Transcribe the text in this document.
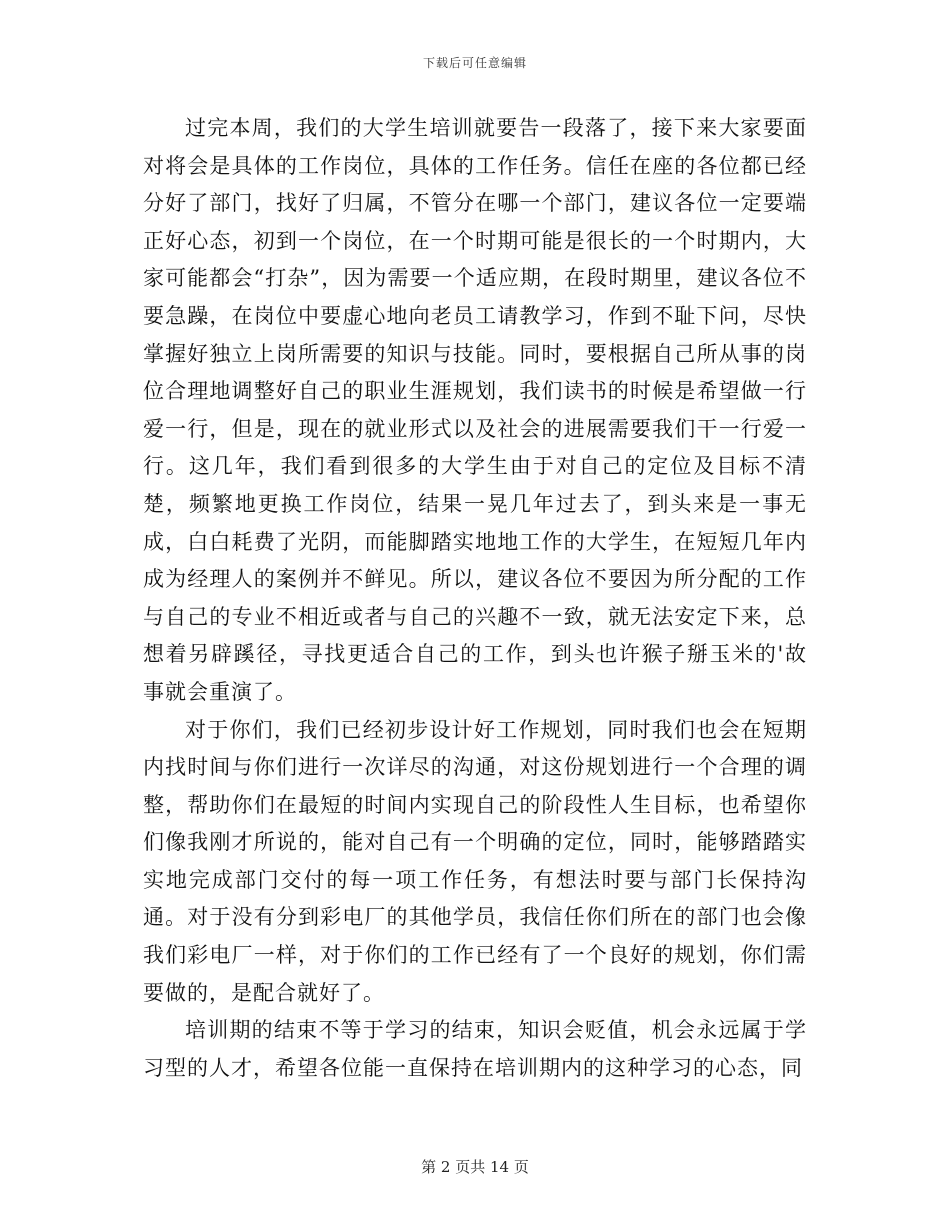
下载后可任意编辑

过完本周，我们的大学生培训就要告一段落了，接下来大家要面对将会是具体的工作岗位，具体的工作任务。信任在座的各位都已经分好了部门，找好了归属，不管分在哪一个部门，建议各位一定要端正好心态，初到一个岗位，在一个时期可能是很长的一个时期内，大家可能都会“打杂”，因为需要一个适应期，在段时期里，建议各位不要急躁，在岗位中要虚心地向老员工请教学习，作到不耻下问，尽快掌握好独立上岗所需要的知识与技能。同时，要根据自己所从事的岗位合理地调整好自己的职业生涯规划，我们读书的时候是希望做一行爱一行，但是，现在的就业形式以及社会的进展需要我们干一行爱一行。这几年，我们看到很多的大学生由于对自己的定位及目标不清楚，频繁地更换工作岗位，结果一晃几年过去了，到头来是一事无成，白白耗费了光阴，而能脚踏实地地工作的大学生，在短短几年内成为经理人的案例并不鲜见。所以，建议各位不要因为所分配的工作与自己的专业不相近或者与自己的兴趣不一致，就无法安定下来，总想着另辟蹊径，寻找更适合自己的工作，到头也许猴子掰玉米的'故事就会重演了。

对于你们，我们已经初步设计好工作规划，同时我们也会在短期内找时间与你们进行一次详尽的沟通，对这份规划进行一个合理的调整，帮助你们在最短的时间内实现自己的阶段性人生目标，也希望你们像我刚才所说的，能对自己有一个明确的定位，同时，能够踏踏实实地完成部门交付的每一项工作任务，有想法时要与部门长保持沟通。对于没有分到彩电厂的其他学员，我信任你们所在的部门也会像我们彩电厂一样，对于你们的工作已经有了一个良好的规划，你们需要做的，是配合就好了。

培训期的结束不等于学习的结束，知识会贬值，机会永远属于学习型的人才，希望各位能一直保持在培训期内的这种学习的心态，同

第 2 页共 14 页
